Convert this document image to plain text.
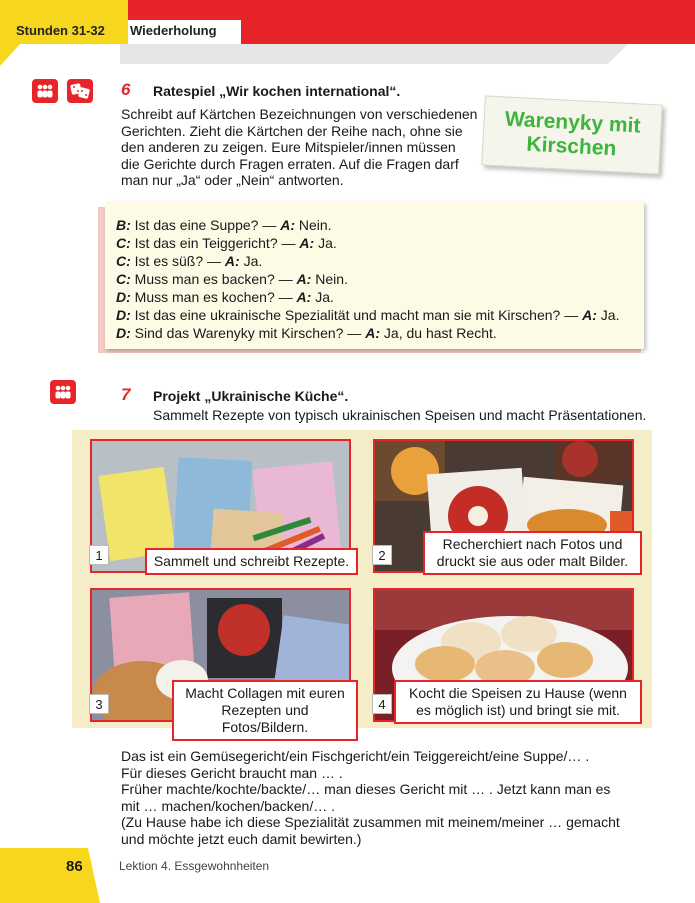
Stunden 31-32 Wiederholung
6 Ratespiel „Wir kochen international“.
Schreibt auf Kärtchen Bezeichnungen von verschiedenen
Gerichten. Zieht die Kärtchen der Reihe nach, ohne sie
den anderen zu zeigen. Eure Mitspieler/innen müssen
die Gerichte durch Fragen erraten. Auf die Fragen darf
man nur „Ja“ oder „Nein“ antworten.
Warenyky mit Kirschen
B: Ist das eine Suppe? — A: Nein.
C: Ist das ein Teiggericht? — A: Ja.
C: Ist es süß? — A: Ja.
C: Muss man es backen? — A: Nein.
D: Muss man es kochen? — A: Ja.
D: Ist das eine ukrainische Spezialität und macht man sie mit Kirschen? — A: Ja.
D: Sind das Warenyky mit Kirschen? — A: Ja, du hast Recht.
7 Projekt „Ukrainische Küche“.
Sammelt Rezepte von typisch ukrainischen Speisen und macht Präsentationen.
Sammelt und schreibt Rezepte.
1
Recherchiert nach Fotos und druckt sie aus oder malt Bilder.
2
Macht Collagen mit euren Rezepten und Fotos/Bildern.
3
Kocht die Speisen zu Hause (wenn es möglich ist) und bringt sie mit.
4
Das ist ein Gemüsegericht/ein Fischgericht/ein Teiggereicht/eine Suppe/… .
Für dieses Gericht braucht man … .
Früher machte/kochte/backte/… man dieses Gericht mit … . Jetzt kann man es
mit … machen/kochen/backen/… .
(Zu Hause habe ich diese Spezialität zusammen mit meinem/meiner … gemacht
und möchte jetzt euch damit bewirten.)
86	Lektion 4. Essgewohnheiten
